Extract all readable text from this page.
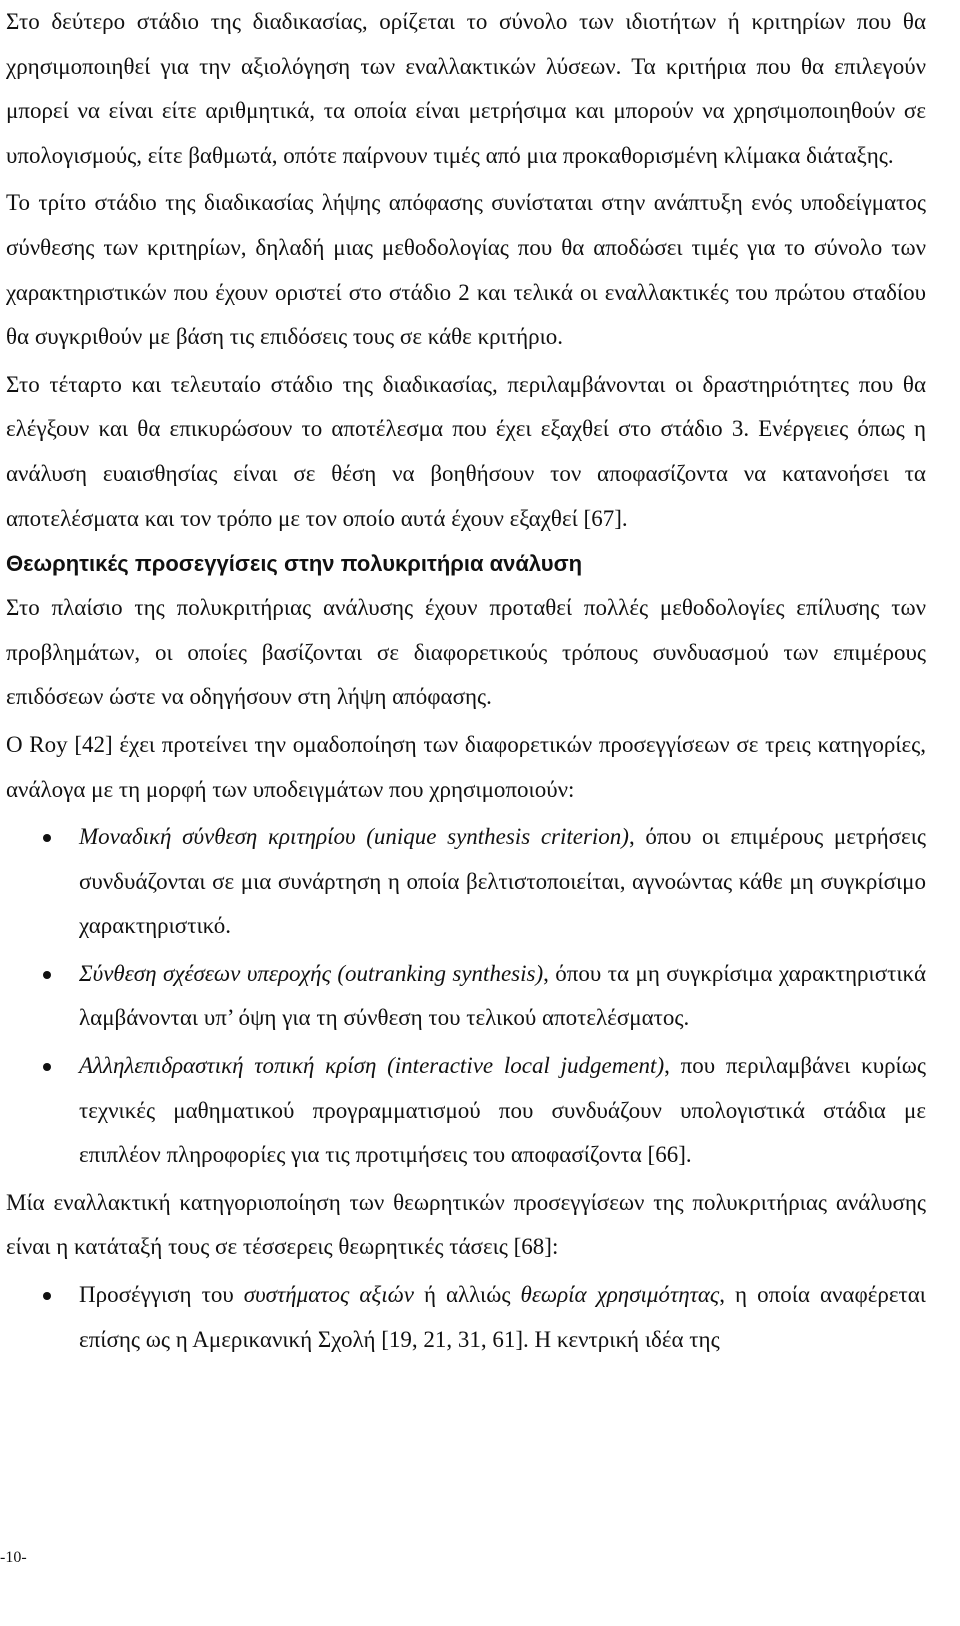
Στο δεύτερο στάδιο της διαδικασίας, ορίζεται το σύνολο των ιδιοτήτων ή κριτηρίων που θα χρησιμοποιηθεί για την αξιολόγηση των εναλλακτικών λύσεων. Τα κριτήρια που θα επιλεγούν μπορεί να είναι είτε αριθμητικά, τα οποία είναι μετρήσιμα και μπορούν να χρησιμοποιηθούν σε υπολογισμούς, είτε βαθμωτά, οπότε παίρνουν τιμές από μια προκαθορισμένη κλίμακα διάταξης.

Το τρίτο στάδιο της διαδικασίας λήψης απόφασης συνίσταται στην ανάπτυξη ενός υποδείγματος σύνθεσης των κριτηρίων, δηλαδή μιας μεθοδολογίας που θα αποδώσει τιμές για το σύνολο των χαρακτηριστικών που έχουν οριστεί στο στάδιο 2 και τελικά οι εναλλακτικές του πρώτου σταδίου θα συγκριθούν με βάση τις επιδόσεις τους σε κάθε κριτήριο.

Στο τέταρτο και τελευταίο στάδιο της διαδικασίας, περιλαμβάνονται οι δραστηριότητες που θα ελέγξουν και θα επικυρώσουν το αποτέλεσμα που έχει εξαχθεί στο στάδιο 3. Ενέργειες όπως η ανάλυση ευαισθησίας είναι σε θέση να βοηθήσουν τον αποφασίζοντα να κατανοήσει τα αποτελέσματα και τον τρόπο με τον οποίο αυτά έχουν εξαχθεί [67].

Θεωρητικές προσεγγίσεις στην πολυκριτήρια ανάλυση

Στο πλαίσιο της πολυκριτήριας ανάλυσης έχουν προταθεί πολλές μεθοδολογίες επίλυσης των προβλημάτων, οι οποίες βασίζονται σε διαφορετικούς τρόπους συνδυασμού των επιμέρους επιδόσεων ώστε να οδηγήσουν στη λήψη απόφασης.

Ο Roy [42] έχει προτείνει την ομαδοποίηση των διαφορετικών προσεγγίσεων σε τρεις κατηγορίες, ανάλογα με τη μορφή των υποδειγμάτων που χρησιμοποιούν:

Μοναδική σύνθεση κριτηρίου (unique synthesis criterion), όπου οι επιμέρους μετρήσεις συνδυάζονται σε μια συνάρτηση η οποία βελτιστοποιείται, αγνοώντας κάθε μη συγκρίσιμο χαρακτηριστικό.

Σύνθεση σχέσεων υπεροχής (outranking synthesis), όπου τα μη συγκρίσιμα χαρακτηριστικά λαμβάνονται υπ’ όψη για τη σύνθεση του τελικού αποτελέσματος.

Αλληλεπιδραστική τοπική κρίση (interactive local judgement), που περιλαμβάνει κυρίως τεχνικές μαθηματικού προγραμματισμού που συνδυάζουν υπολογιστικά στάδια με επιπλέον πληροφορίες για τις προτιμήσεις του αποφασίζοντα [66].

Μία εναλλακτική κατηγοριοποίηση των θεωρητικών προσεγγίσεων της πολυκριτήριας ανάλυσης είναι η κατάταξή τους σε τέσσερεις θεωρητικές τάσεις [68]:

Προσέγγιση του συστήματος αξιών ή αλλιώς θεωρία χρησιμότητας, η οποία αναφέρεται επίσης ως η Αμερικανική Σχολή [19, 21, 31, 61]. Η κεντρική ιδέα της

-10-
